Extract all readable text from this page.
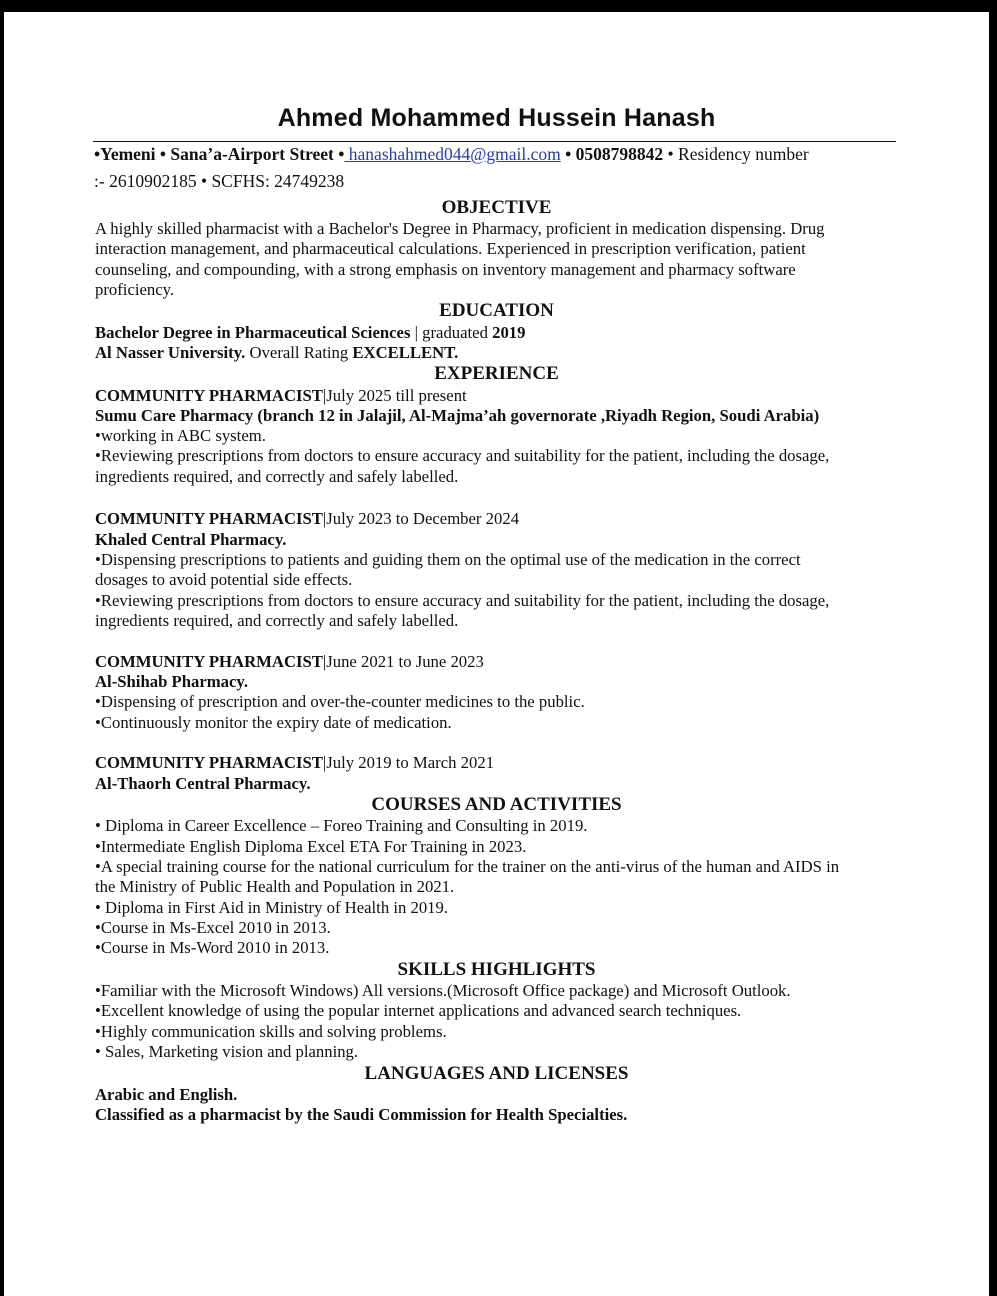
Ahmed Mohammed Hussein Hanash
•Yemeni • Sana’a-Airport Street • hanashahmed044@gmail.com • 0508798842 • Residency number
:- 2610902185 • SCFHS: 24749238
OBJECTIVE
A highly skilled pharmacist with a Bachelor's Degree in Pharmacy, proficient in medication dispensing. Drug
interaction management, and pharmaceutical calculations. Experienced in prescription verification, patient
counseling, and compounding, with a strong emphasis on inventory management and pharmacy software
proficiency.
EDUCATION
Bachelor Degree in Pharmaceutical Sciences | graduated 2019
Al Nasser University. Overall Rating EXCELLENT.
EXPERIENCE
COMMUNITY PHARMACIST|July 2025 till present
Sumu Care Pharmacy (branch 12 in Jalajil, Al-Majma’ah governorate ,Riyadh Region, Soudi Arabia)
•working in ABC system.
•Reviewing prescriptions from doctors to ensure accuracy and suitability for the patient, including the dosage,
ingredients required, and correctly and safely labelled.
COMMUNITY PHARMACIST|July 2023 to December 2024
Khaled Central Pharmacy.
•Dispensing prescriptions to patients and guiding them on the optimal use of the medication in the correct
dosages to avoid potential side effects.
•Reviewing prescriptions from doctors to ensure accuracy and suitability for the patient, including the dosage,
ingredients required, and correctly and safely labelled.
COMMUNITY PHARMACIST|June 2021 to June 2023
Al-Shihab Pharmacy.
•Dispensing of prescription and over-the-counter medicines to the public.
•Continuously monitor the expiry date of medication.
COMMUNITY PHARMACIST|July 2019 to March 2021
Al-Thaorh Central Pharmacy.
COURSES AND ACTIVITIES
• Diploma in Career Excellence – Foreo Training and Consulting in 2019.
•Intermediate English Diploma Excel ETA For Training in 2023.
•A special training course for the national curriculum for the trainer on the anti-virus of the human and AIDS in
the Ministry of Public Health and Population in 2021.
• Diploma in First Aid in Ministry of Health in 2019.
•Course in Ms-Excel 2010 in 2013.
•Course in Ms-Word 2010 in 2013.
SKILLS HIGHLIGHTS
•Familiar with the Microsoft Windows) All versions.(Microsoft Office package) and Microsoft Outlook.
•Excellent knowledge of using the popular internet applications and advanced search techniques.
•Highly communication skills and solving problems.
• Sales, Marketing vision and planning.
LANGUAGES AND LICENSES
Arabic and English.
Classified as a pharmacist by the Saudi Commission for Health Specialties.
